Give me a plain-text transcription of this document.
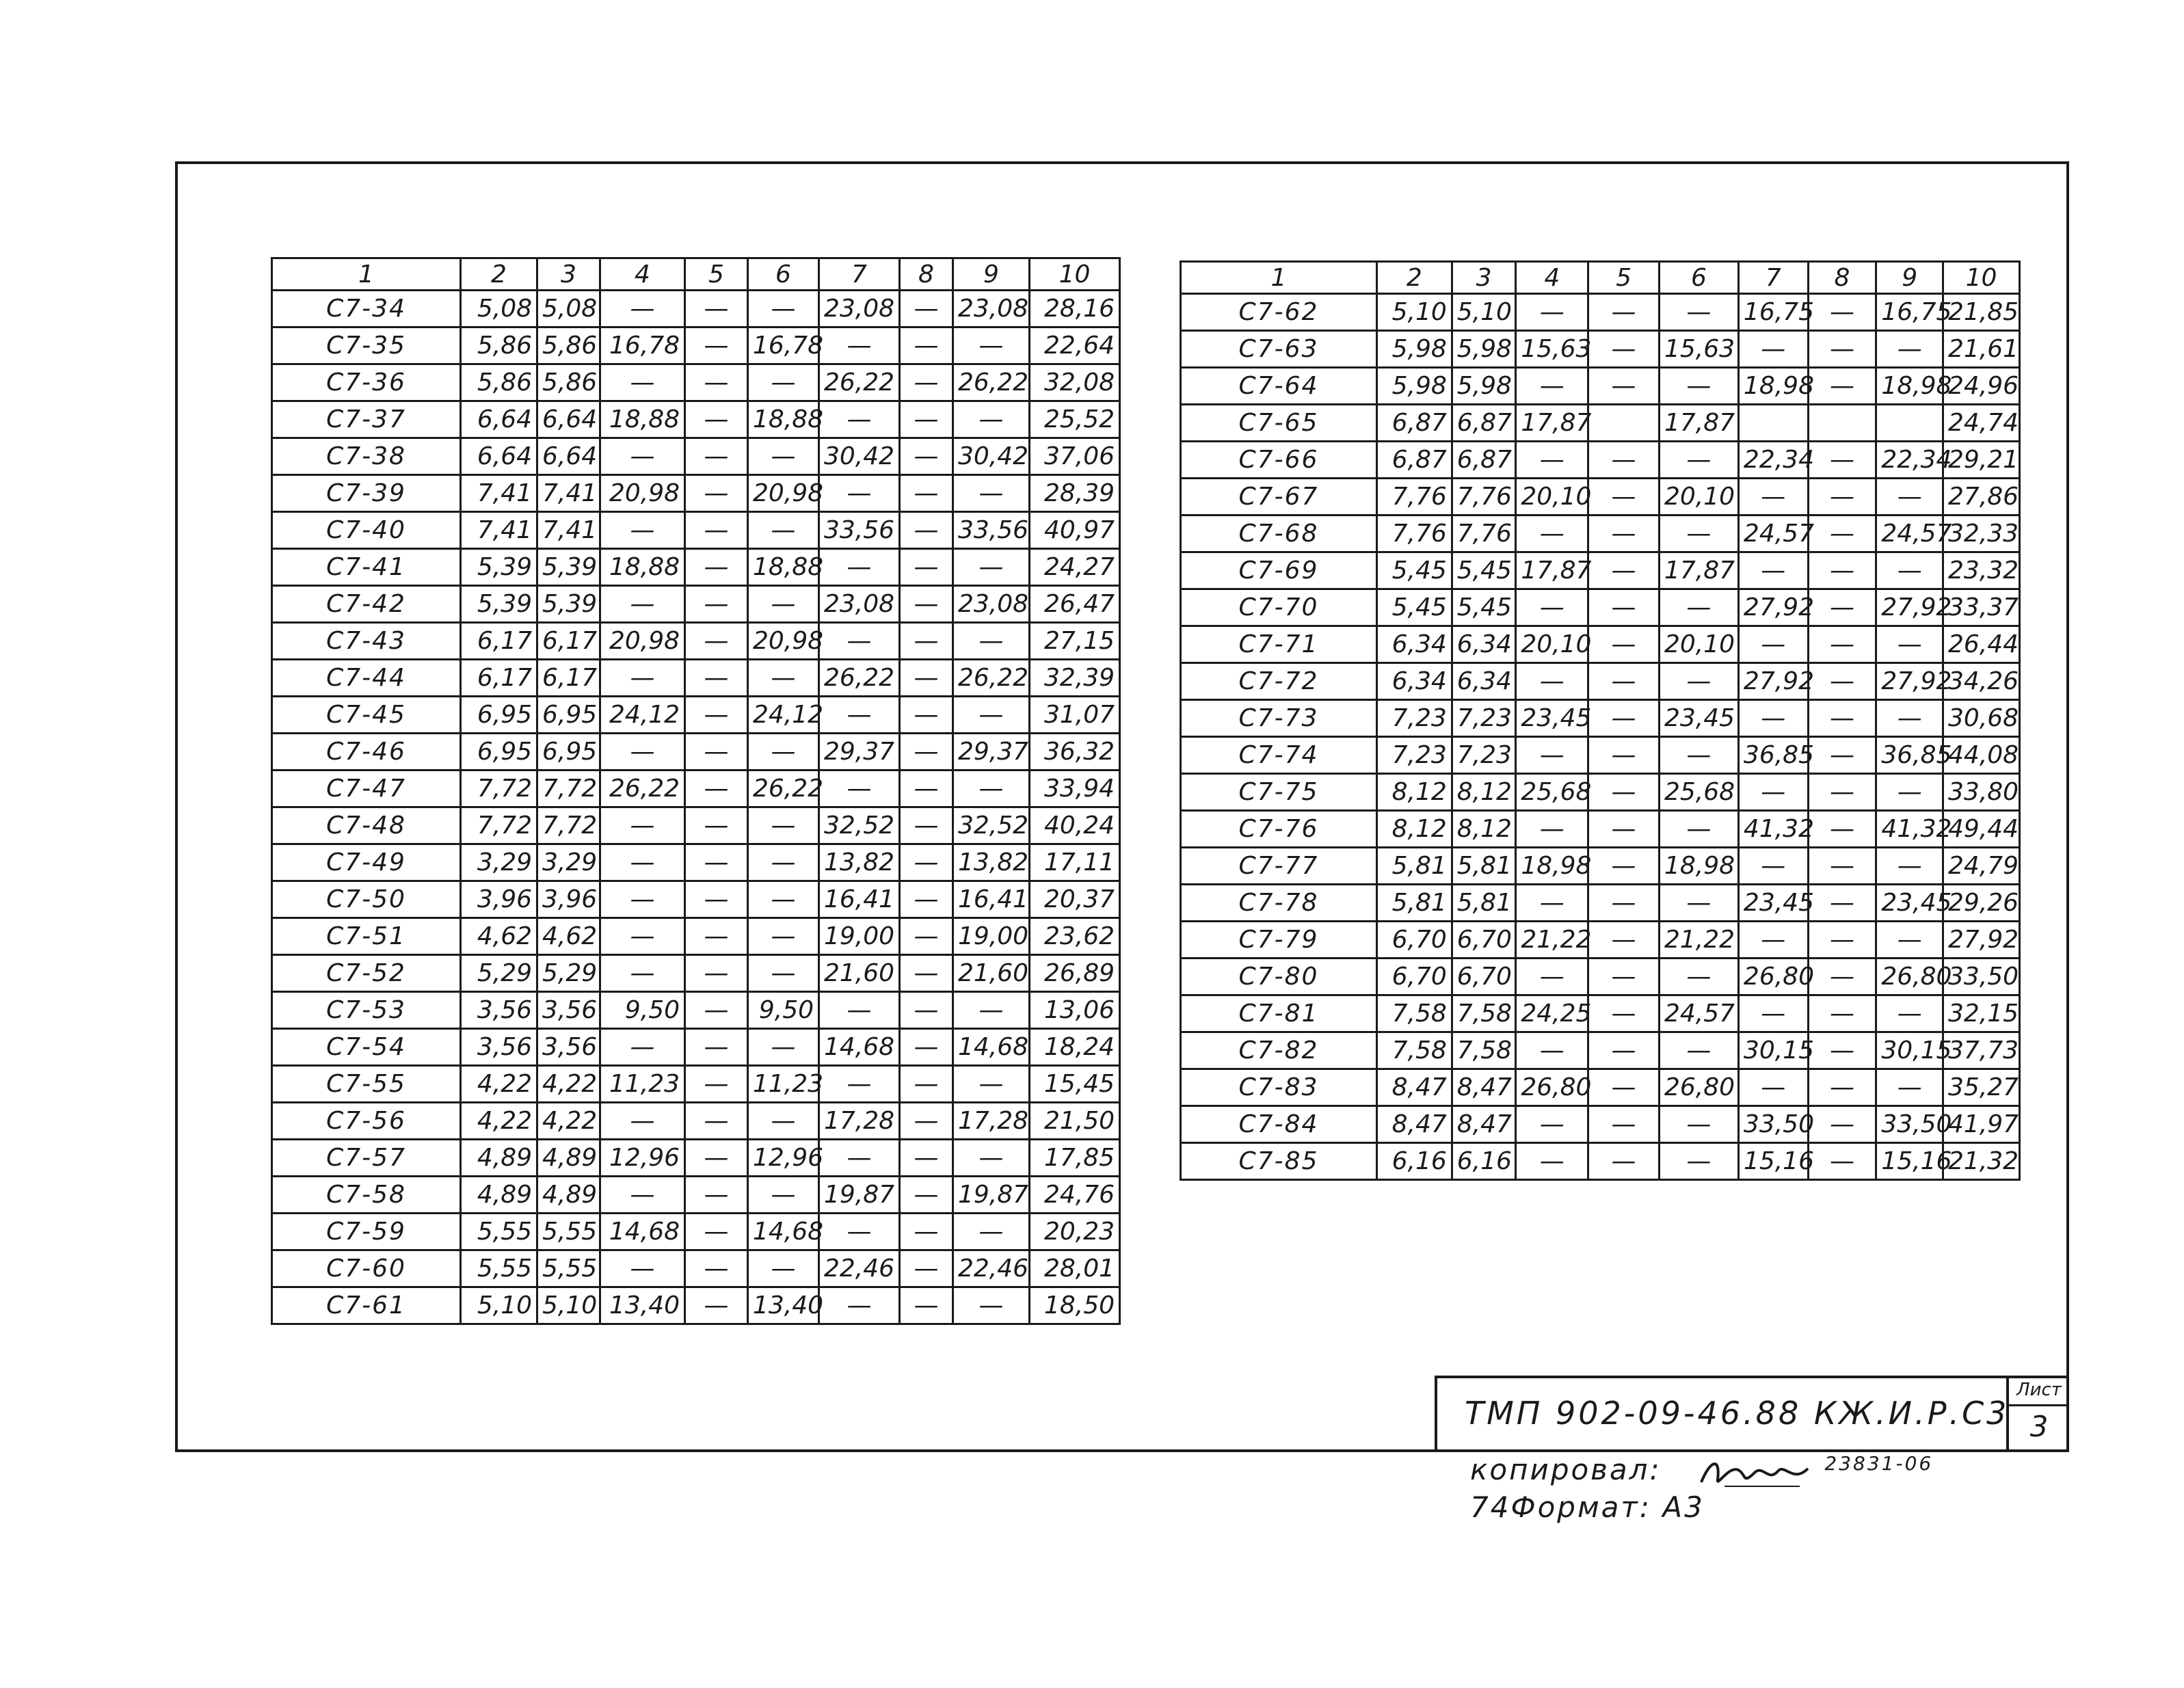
1	2	3	4	5	6	7	8	9	10
С7-34	5,08	5,08	—	—	—	23,08	—	23,08	28,16
С7-35	5,86	5,86	16,78	—	16,78	—	—	—	22,64
С7-36	5,86	5,86	—	—	—	26,22	—	26,22	32,08
С7-37	6,64	6,64	18,88	—	18,88	—	—	—	25,52
С7-38	6,64	6,64	—	—	—	30,42	—	30,42	37,06
С7-39	7,41	7,41	20,98	—	20,98	—	—	—	28,39
С7-40	7,41	7,41	—	—	—	33,56	—	33,56	40,97
С7-41	5,39	5,39	18,88	—	18,88	—	—	—	24,27
С7-42	5,39	5,39	—	—	—	23,08	—	23,08	26,47
С7-43	6,17	6,17	20,98	—	20,98	—	—	—	27,15
С7-44	6,17	6,17	—	—	—	26,22	—	26,22	32,39
С7-45	6,95	6,95	24,12	—	24,12	—	—	—	31,07
С7-46	6,95	6,95	—	—	—	29,37	—	29,37	36,32
С7-47	7,72	7,72	26,22	—	26,22	—	—	—	33,94
С7-48	7,72	7,72	—	—	—	32,52	—	32,52	40,24
С7-49	3,29	3,29	—	—	—	13,82	—	13,82	17,11
С7-50	3,96	3,96	—	—	—	16,41	—	16,41	20,37
С7-51	4,62	4,62	—	—	—	19,00	—	19,00	23,62
С7-52	5,29	5,29	—	—	—	21,60	—	21,60	26,89
С7-53	3,56	3,56	9,50	—	9,50	—	—	—	13,06
С7-54	3,56	3,56	—	—	—	14,68	—	14,68	18,24
С7-55	4,22	4,22	11,23	—	11,23	—	—	—	15,45
С7-56	4,22	4,22	—	—	—	17,28	—	17,28	21,50
С7-57	4,89	4,89	12,96	—	12,96	—	—	—	17,85
С7-58	4,89	4,89	—	—	—	19,87	—	19,87	24,76
С7-59	5,55	5,55	14,68	—	14,68	—	—	—	20,23
С7-60	5,55	5,55	—	—	—	22,46	—	22,46	28,01
С7-61	5,10	5,10	13,40	—	13,40	—	—	—	18,50
1	2	3	4	5	6	7	8	9	10
С7-62	5,10	5,10	—	—	—	16,75	—	16,75	21,85
С7-63	5,98	5,98	15,63	—	15,63	—	—	—	21,61
С7-64	5,98	5,98	—	—	—	18,98	—	18,98	24,96
С7-65	6,87	6,87	17,87		17,87				24,74
С7-66	6,87	6,87	—	—	—	22,34	—	22,34	29,21
С7-67	7,76	7,76	20,10	—	20,10	—	—	—	27,86
С7-68	7,76	7,76	—	—	—	24,57	—	24,57	32,33
С7-69	5,45	5,45	17,87	—	17,87	—	—	—	23,32
С7-70	5,45	5,45	—	—	—	27,92	—	27,92	33,37
С7-71	6,34	6,34	20,10	—	20,10	—	—	—	26,44
С7-72	6,34	6,34	—	—	—	27,92	—	27,92	34,26
С7-73	7,23	7,23	23,45	—	23,45	—	—	—	30,68
С7-74	7,23	7,23	—	—	—	36,85	—	36,85	44,08
С7-75	8,12	8,12	25,68	—	25,68	—	—	—	33,80
С7-76	8,12	8,12	—	—	—	41,32	—	41,32	49,44
С7-77	5,81	5,81	18,98	—	18,98	—	—	—	24,79
С7-78	5,81	5,81	—	—	—	23,45	—	23,45	29,26
С7-79	6,70	6,70	21,22	—	21,22	—	—	—	27,92
С7-80	6,70	6,70	—	—	—	26,80	—	26,80	33,50
С7-81	7,58	7,58	24,25	—	24,57	—	—	—	32,15
С7-82	7,58	7,58	—	—	—	30,15	—	30,15	37,73
С7-83	8,47	8,47	26,80	—	26,80	—	—	—	35,27
С7-84	8,47	8,47	—	—	—	33,50	—	33,50	41,97
С7-85	6,16	6,16	—	—	—	15,16	—	15,16	21,32
ТМП 902-09-46.88 КЖ.И.Р.С3
Лист
3
копировал:	23831-06 74Формат: А3
